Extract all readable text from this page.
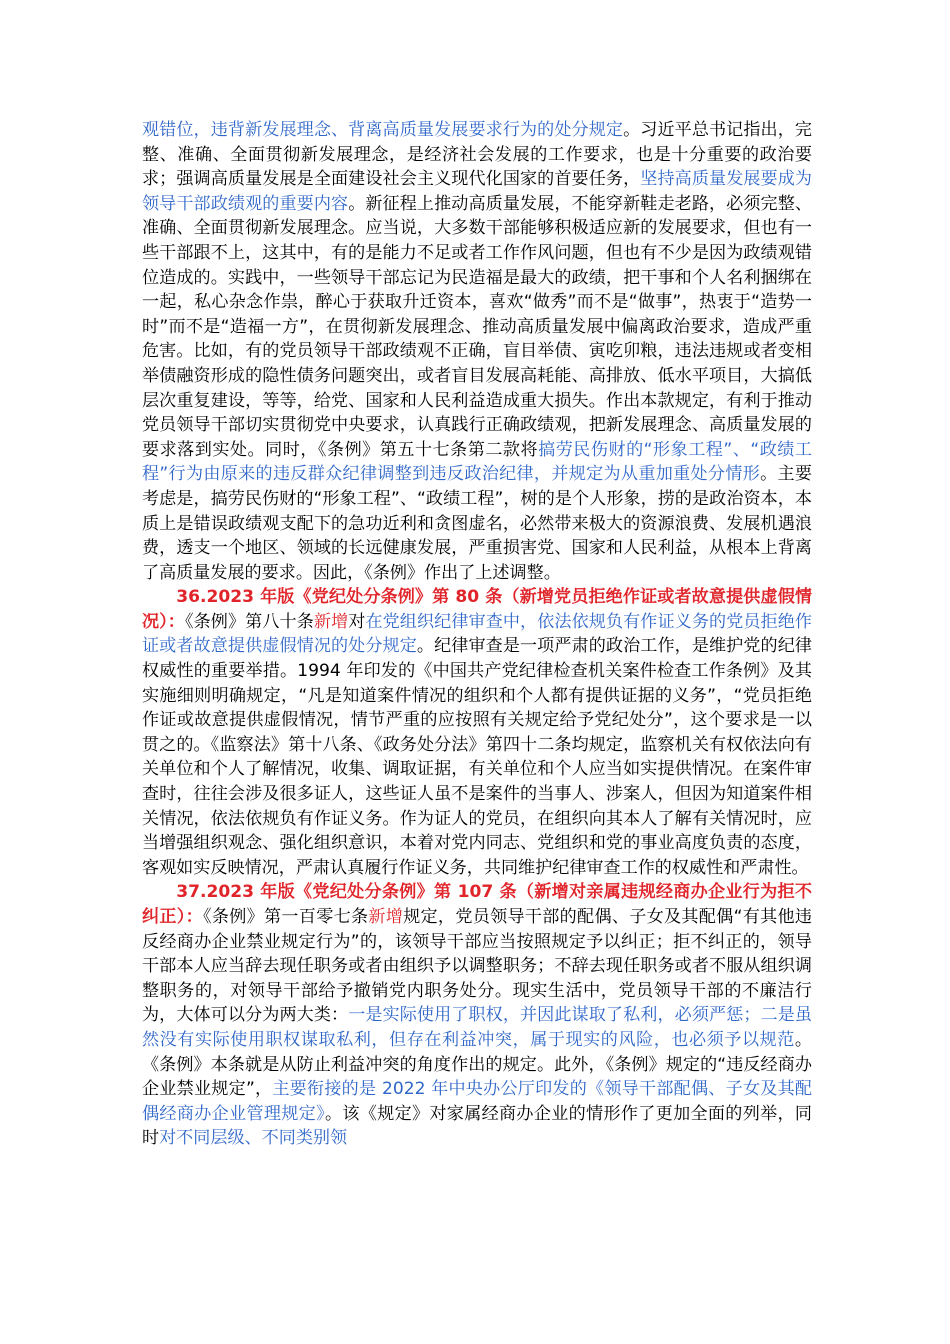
观错位，违背新发展理念、背离高质量发展要求行为的处分规定。习近平总书记指出，完整、准确、全面贯彻新发展理念，是经济社会发展的工作要求，也是十分重要的政治要求；强调高质量发展是全面建设社会主义现代化国家的首要任务，坚持高质量发展要成为领导干部政绩观的重要内容。新征程上推动高质量发展，不能穿新鞋走老路，必须完整、准确、全面贯彻新发展理念。应当说，大多数干部能够积极适应新的发展要求，但也有一些干部跟不上，这其中，有的是能力不足或者工作作风问题，但也有不少是因为政绩观错位造成的。实践中，一些领导干部忘记为民造福是最大的政绩，把干事和个人名利捆绑在一起，私心杂念作祟，醉心于获取升迁资本，喜欢“做秀”而不是“做事”，热衷于“造势一时”而不是“造福一方”，在贯彻新发展理念、推动高质量发展中偏离政治要求，造成严重危害。比如，有的党员领导干部政绩观不正确，盲目举债、寅吃卯粮，违法违规或者变相举债融资形成的隐性债务问题突出，或者盲目发展高耗能、高排放、低水平项目，大搞低层次重复建设，等等，给党、国家和人民利益造成重大损失。作出本款规定，有利于推动党员领导干部切实贯彻党中央要求，认真践行正确政绩观，把新发展理念、高质量发展的要求落到实处。同时，《条例》第五十七条第二款将搞劳民伤财的“形象工程”、“政绩工程”行为由原来的违反群众纪律调整到违反政治纪律，并规定为从重加重处分情形。主要考虑是，搞劳民伤财的“形象工程”、“政绩工程”，树的是个人形象，捞的是政治资本，本质上是错误政绩观支配下的急功近利和贪图虚名，必然带来极大的资源浪费、发展机遇浪费，透支一个地区、领域的长远健康发展，严重损害党、国家和人民利益，从根本上背离了高质量发展的要求。因此，《条例》作出了上述调整。

36.2023 年版《党纪处分条例》第 80 条（新增党员拒绝作证或者故意提供虚假情况）：《条例》第八十条新增对在党组织纪律审查中，依法依规负有作证义务的党员拒绝作证或者故意提供虚假情况的处分规定。纪律审查是一项严肃的政治工作，是维护党的纪律权威性的重要举措。1994 年印发的《中国共产党纪律检查机关案件检查工作条例》及其实施细则明确规定，“凡是知道案件情况的组织和个人都有提供证据的义务”，“党员拒绝作证或故意提供虚假情况，情节严重的应按照有关规定给予党纪处分”，这个要求是一以贯之的。《监察法》第十八条、《政务处分法》第四十二条均规定，监察机关有权依法向有关单位和个人了解情况，收集、调取证据，有关单位和个人应当如实提供情况。在案件审查时，往往会涉及很多证人，这些证人虽不是案件的当事人、涉案人，但因为知道案件相关情况，依法依规负有作证义务。作为证人的党员，在组织向其本人了解有关情况时，应当增强组织观念、强化组织意识，本着对党内同志、党组织和党的事业高度负责的态度，客观如实反映情况，严肃认真履行作证义务，共同维护纪律审查工作的权威性和严肃性。

37.2023 年版《党纪处分条例》第 107 条（新增对亲属违规经商办企业行为拒不纠正）：《条例》第一百零七条新增规定，党员领导干部的配偶、子女及其配偶“有其他违反经商办企业禁业规定行为”的，该领导干部应当按照规定予以纠正；拒不纠正的，领导干部本人应当辞去现任职务或者由组织予以调整职务；不辞去现任职务或者不服从组织调整职务的，对领导干部给予撤销党内职务处分。现实生活中，党员领导干部的不廉洁行为，大体可以分为两大类：一是实际使用了职权，并因此谋取了私利，必须严惩；二是虽然没有实际使用职权谋取私利，但存在利益冲突，属于现实的风险，也必须予以规范。《条例》本条就是从防止利益冲突的角度作出的规定。此外，《条例》规定的“违反经商办企业禁业规定”，主要衔接的是 2022 年中央办公厅印发的《领导干部配偶、子女及其配偶经商办企业管理规定》。该《规定》对家属经商办企业的情形作了更加全面的列举，同时对不同层级、不同类别领
